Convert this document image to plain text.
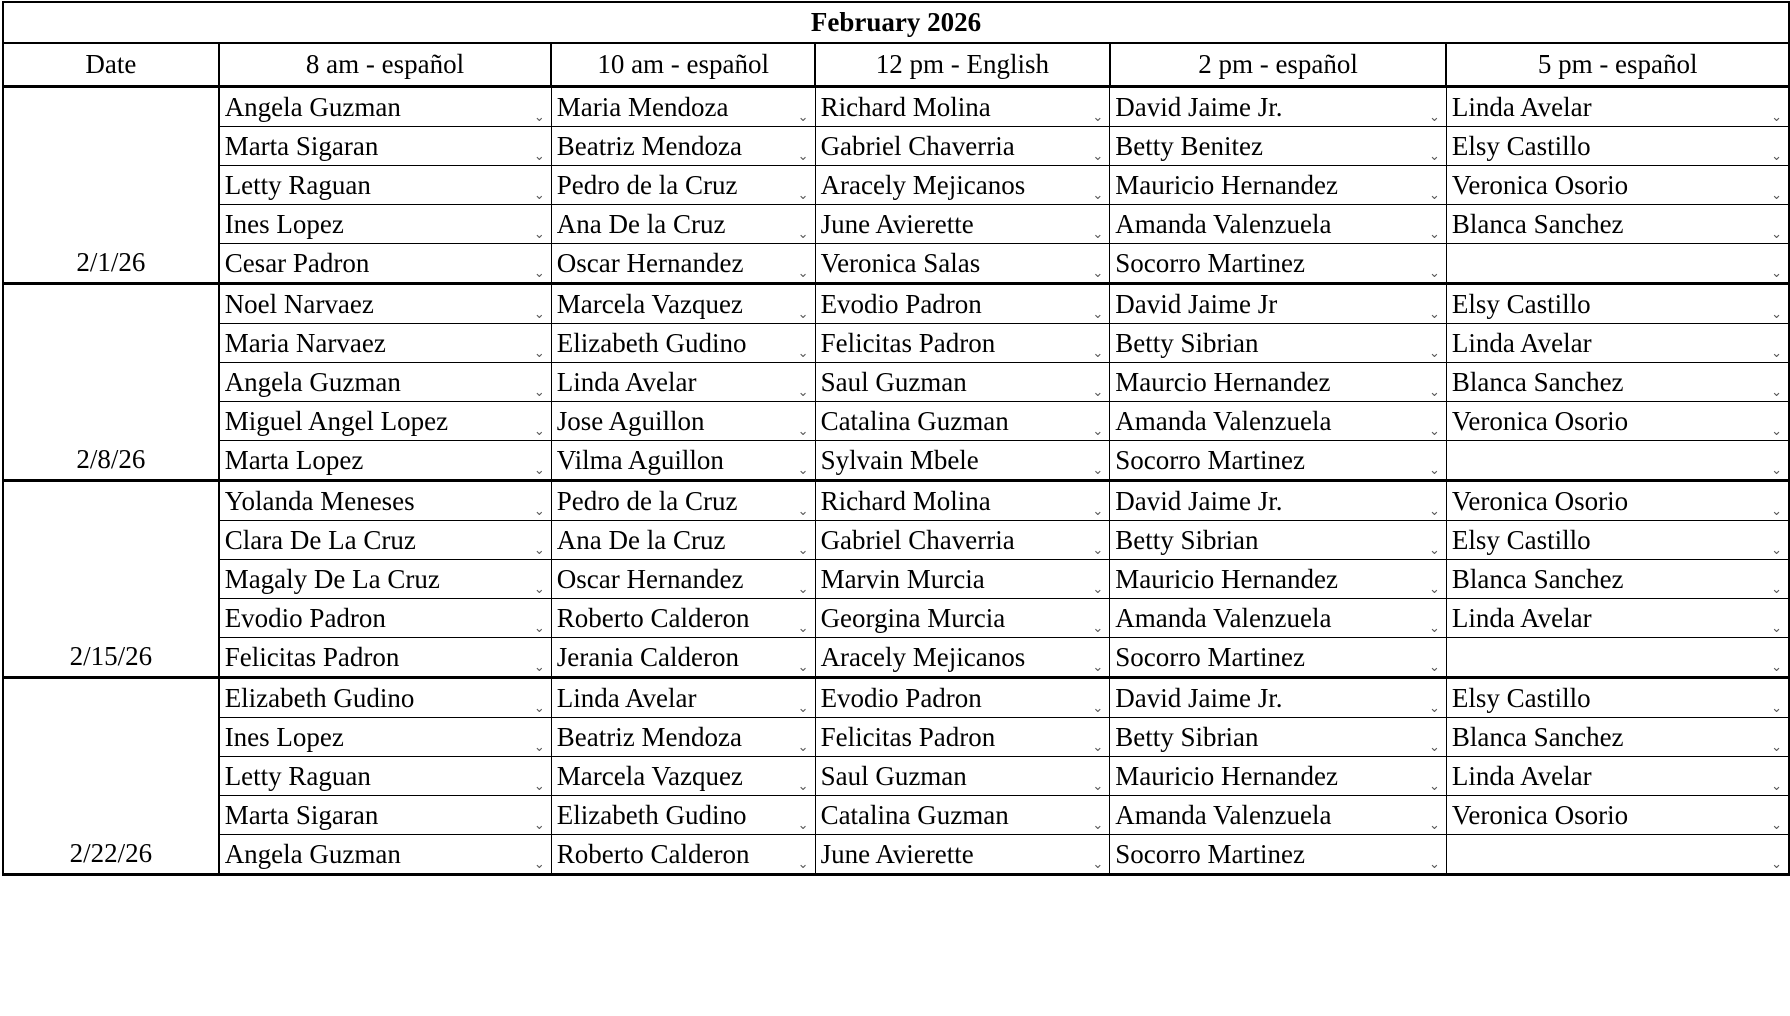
February 2026					
Date	8 am - español	10 am - español	12 pm - English	2 pm - español	5 pm - español
2/1/26	Angela Guzman ⌄	Maria Mendoza ⌄	Richard Molina ⌄	David Jaime Jr. ⌄	Linda Avelar ⌄

	Marta Sigaran ⌄	Beatriz Mendoza ⌄	Gabriel Chaverria ⌄	Betty Benitez ⌄	Elsy Castillo ⌄

	Letty Raguan ⌄	Pedro de la Cruz ⌄	Aracely Mejicanos ⌄	Mauricio Hernandez ⌄	Veronica Osorio ⌄

	Ines Lopez ⌄	Ana De la Cruz ⌄	June Avierette ⌄	Amanda Valenzuela ⌄	Blanca Sanchez ⌄

	Cesar Padron ⌄	Oscar Hernandez ⌄	Veronica Salas ⌄	Socorro Martinez ⌄	⌄

2/8/26	Noel Narvaez ⌄	Marcela Vazquez ⌄	Evodio Padron ⌄	David Jaime Jr ⌄	Elsy Castillo ⌄

	Maria Narvaez ⌄	Elizabeth Gudino ⌄	Felicitas Padron ⌄	Betty Sibrian ⌄	Linda Avelar ⌄

	Angela Guzman ⌄	Linda Avelar ⌄	Saul Guzman ⌄	Maurcio Hernandez ⌄	Blanca Sanchez ⌄

	Miguel Angel Lopez ⌄	Jose Aguillon ⌄	Catalina Guzman ⌄	Amanda Valenzuela ⌄	Veronica Osorio ⌄

	Marta Lopez ⌄	Vilma Aguillon ⌄	Sylvain Mbele ⌄	Socorro Martinez ⌄	⌄

2/15/26	Yolanda Meneses ⌄	Pedro de la Cruz ⌄	Richard Molina ⌄	David Jaime Jr. ⌄	Veronica Osorio ⌄

	Clara De La Cruz ⌄	Ana De la Cruz ⌄	Gabriel Chaverria ⌄	Betty Sibrian ⌄	Elsy Castillo ⌄

	Magaly De La Cruz ⌄	Oscar Hernandez ⌄	Marvin Murcia ⌄	Mauricio Hernandez ⌄	Blanca Sanchez ⌄

	Evodio Padron ⌄	Roberto Calderon ⌄	Georgina Murcia ⌄	Amanda Valenzuela ⌄	Linda Avelar ⌄

	Felicitas Padron ⌄	Jerania Calderon ⌄	Aracely Mejicanos ⌄	Socorro Martinez ⌄	⌄

2/22/26	Elizabeth Gudino ⌄	Linda Avelar ⌄	Evodio Padron ⌄	David Jaime Jr. ⌄	Elsy Castillo ⌄

	Ines Lopez ⌄	Beatriz Mendoza ⌄	Felicitas Padron ⌄	Betty Sibrian ⌄	Blanca Sanchez ⌄

	Letty Raguan ⌄	Marcela Vazquez ⌄	Saul Guzman ⌄	Mauricio Hernandez ⌄	Linda Avelar ⌄

	Marta Sigaran ⌄	Elizabeth Gudino ⌄	Catalina Guzman ⌄	Amanda Valenzuela ⌄	Veronica Osorio ⌄

	Angela Guzman ⌄	Roberto Calderon ⌄	June Avierette ⌄	Socorro Martinez ⌄	⌄
